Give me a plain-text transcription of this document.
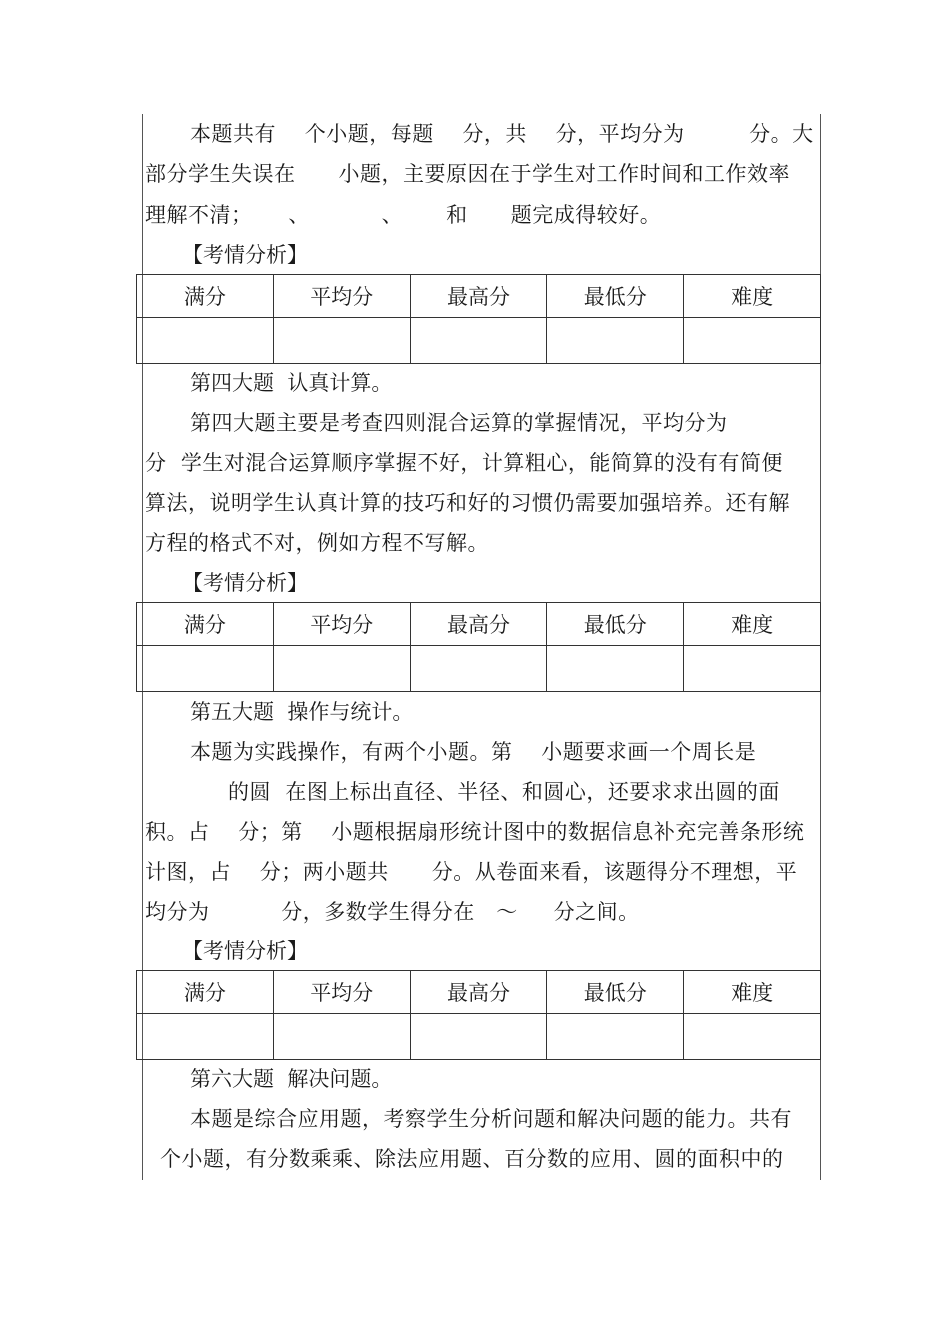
本题共有    个小题，每题    分，共    分，平均分为         分。大
部分学生失误在      小题，主要原因在于学生对工作时间和工作效率
理解不清；     、          、      和      题完成得较好。
【考情分析】
满分	平均分	最高分	最低分	难度

第四大题  认真计算。
第四大题主要是考查四则混合运算的掌握情况，平均分为
分  学生对混合运算顺序掌握不好，计算粗心，能简算的没有有简便
算法，说明学生认真计算的技巧和好的习惯仍需要加强培养。还有解
方程的格式不对，例如方程不写解。
【考情分析】
满分	平均分	最高分	最低分	难度

第五大题  操作与统计。
本题为实践操作，有两个小题。第    小题要求画一个周长是
的圆  在图上标出直径、半径、和圆心，还要求求出圆的面
积。占    分；第    小题根据扇形统计图中的数据信息补充完善条形统
计图，占    分；两小题共      分。从卷面来看，该题得分不理想，平
均分为          分，多数学生得分在   ～     分之间。
【考情分析】
满分	平均分	最高分	最低分	难度

第六大题  解决问题。
本题是综合应用题，考察学生分析问题和解决问题的能力。共有
个小题，有分数乘乘、除法应用题、百分数的应用、圆的面积中的
